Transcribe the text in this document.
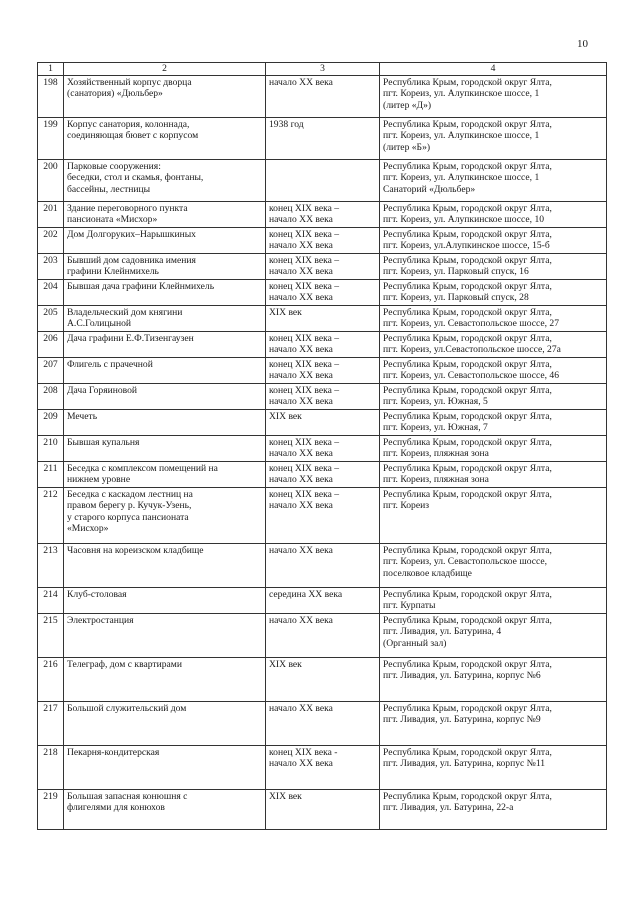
10
1	2	3	4
198	Хозяйственный корпус дворца
(санатория) «Дюльбер»	начало XX века	Республика Крым, городской округ Ялта,
пгт. Кореиз, ул. Алупкинское шоссе, 1
(литер «Д»)
199	Корпус санатория, колоннада,
соединяющая бювет с корпусом	1938 год	Республика Крым, городской округ Ялта,
пгт. Кореиз, ул. Алупкинское шоссе, 1
(литер «Б»)
200	Парковые сооружения:
беседки, стол и скамья, фонтаны,
бассейны, лестницы		Республика Крым, городской округ Ялта,
пгт. Кореиз, ул. Алупкинское шоссе, 1
Санаторий «Дюльбер»
201	Здание переговорного пункта
пансионата «Мисхор»	конец XIX века –
начало XX века	Республика Крым, городской округ Ялта,
пгт. Кореиз, ул. Алупкинское шоссе, 10
202	Дом Долгоруких–Нарышкиных	конец XIX века –
начало XX века	Республика Крым, городской округ Ялта,
пгт. Кореиз, ул.Алупкинское шоссе, 15-б
203	Бывший дом садовника имения
графини Клейнмихель	конец XIX века –
начало XX века	Республика Крым, городской округ Ялта,
пгт. Кореиз, ул. Парковый спуск, 16
204	Бывшая дача графини Клейнмихель	конец XIX века –
начало XX века	Республика Крым, городской округ Ялта,
пгт. Кореиз, ул. Парковый спуск, 28
205	Владельческий дом княгини
А.С.Голицыной	XIX век	Республика Крым, городской округ Ялта,
пгт. Кореиз, ул. Севастопольское шоссе, 27
206	Дача графини Е.Ф.Тизенгаузен	конец XIX века –
начало XX века	Республика Крым, городской округ Ялта,
пгт. Кореиз, ул.Севастопольское шоссе, 27а
207	Флигель с прачечной	конец XIX века –
начало XX века	Республика Крым, городской округ Ялта,
пгт. Кореиз, ул. Севастопольское шоссе, 46
208	Дача Горяиновой	конец XIX века –
начало XX века	Республика Крым, городской округ Ялта,
пгт. Кореиз, ул. Южная, 5
209	Мечеть	XIX век	Республика Крым, городской округ Ялта,
пгт. Кореиз, ул. Южная, 7
210	Бывшая купальня	конец XIX века –
начало XX века	Республика Крым, городской округ Ялта,
пгт. Кореиз, пляжная зона
211	Беседка с комплексом помещений на
нижнем уровне	конец XIX века –
начало XX века	Республика Крым, городской округ Ялта,
пгт. Кореиз, пляжная зона
212	Беседка с каскадом лестниц на
правом берегу р. Кучук-Узень,
у старого корпуса пансионата
«Мисхор»	конец XIX века –
начало XX века	Республика Крым, городской округ Ялта,
пгт. Кореиз
213	Часовня на кореизском кладбище	начало XX века	Республика Крым, городской округ Ялта,
пгт. Кореиз, ул. Севастопольское шоссе,
поселковое кладбище
214	Клуб-столовая	середина XX века	Республика Крым, городской округ Ялта,
пгт. Курпаты
215	Электростанция	начало XX века	Республика Крым, городской округ Ялта,
пгт. Ливадия, ул. Батурина, 4
(Органный зал)
216	Телеграф, дом с квартирами	XIX век	Республика Крым, городской округ Ялта,
пгт. Ливадия, ул. Батурина, корпус №6
217	Большой служительский дом	начало XX века	Республика Крым, городской округ Ялта,
пгт. Ливадия, ул. Батурина, корпус №9
218	Пекарня-кондитерская	конец XIX века -
начало XX века	Республика Крым, городской округ Ялта,
пгт. Ливадия, ул. Батурина, корпус №11
219	Большая запасная конюшня с
флигелями для конюхов	XIX век	Республика Крым, городской округ Ялта,
пгт. Ливадия, ул. Батурина, 22-а
